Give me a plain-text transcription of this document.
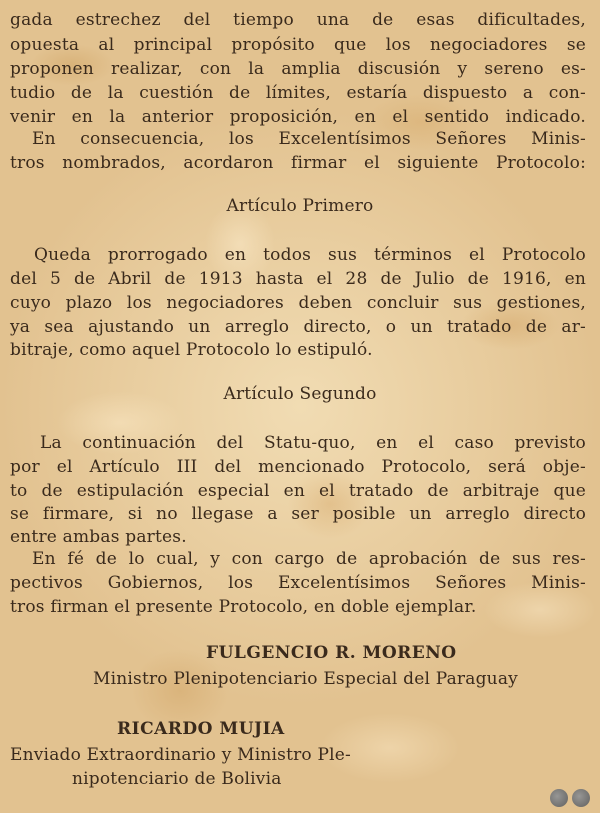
gada estrechez del tiempo una de esas dificultades,
opuesta al principal propósito que los negociadores se
proponen realizar, con la amplia discusión y sereno es-
tudio de la cuestión de límites, estaría dispuesto a con-
venir en la anterior proposición, en el sentido indicado.
En consecuencia, los Excelentísimos Señores Minis-
tros nombrados, acordaron firmar el siguiente Protocolo:
Artículo Primero
Queda prorrogado en todos sus términos el Protocolo
del 5 de Abril de 1913 hasta el 28 de Julio de 1916, en
cuyo plazo los negociadores deben concluir sus gestiones,
ya sea ajustando un arreglo directo, o un tratado de ar-
bitraje, como aquel Protocolo lo estipuló.
Artículo Segundo
La continuación del Statu-quo, en el caso previsto
por el Artículo III del mencionado Protocolo, será obje-
to de estipulación especial en el tratado de arbitraje que
se firmare, si no llegase a ser posible un arreglo directo
entre ambas partes.
En fé de lo cual, y con cargo de aprobación de sus res-
pectivos Gobiernos, los Excelentísimos Señores Minis-
tros firman el presente Protocolo, en doble ejemplar.
FULGENCIO R. MORENO
Ministro Plenipotenciario Especial del Paraguay
RICARDO MUJIA
Enviado Extraordinario y Ministro Ple-
nipotenciario de Bolivia
